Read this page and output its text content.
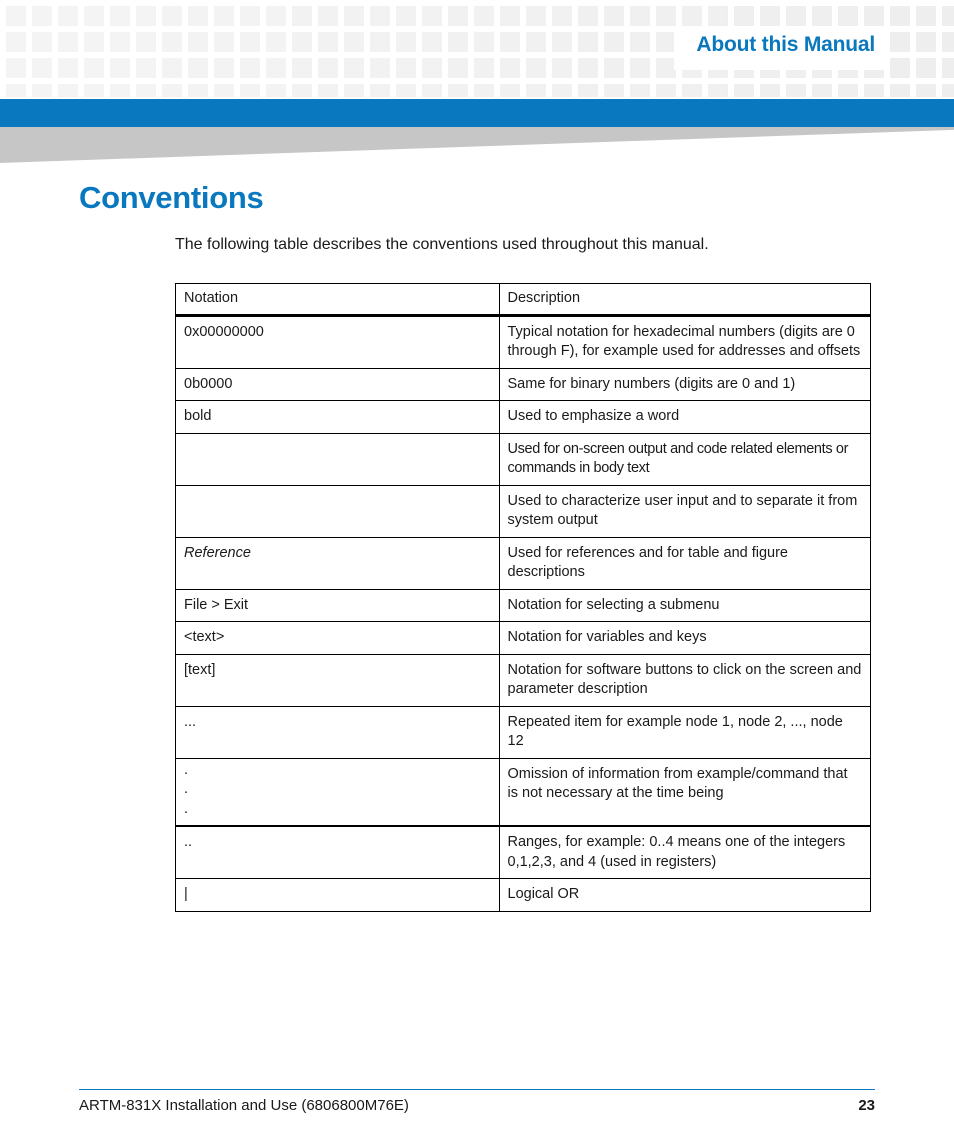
About this Manual
Conventions
The following table describes the conventions used throughout this manual.
Notation	Description
0x00000000	Typical notation for hexadecimal numbers (digits are 0 through F), for example used for addresses and offsets
0b0000	Same for binary numbers (digits are 0 and 1)
bold	Used to emphasize a word
	Used for on-screen output and code related elements or commands in body text
	Used to characterize user input and to separate it from system output
Reference	Used for references and for table and figure descriptions
File > Exit	Notation for selecting a submenu
<text>	Notation for variables and keys
[text]	Notation for software buttons to click on the screen and parameter description
...	Repeated item for example node 1, node 2, ..., node 12

.
.
.	Omission of information from example/command that is not necessary at the time being
..	Ranges, for example: 0..4 means one of the integers 0,1,2,3, and 4 (used in registers)
|	Logical OR
ARTM-831X Installation and Use (6806800M76E)	23
